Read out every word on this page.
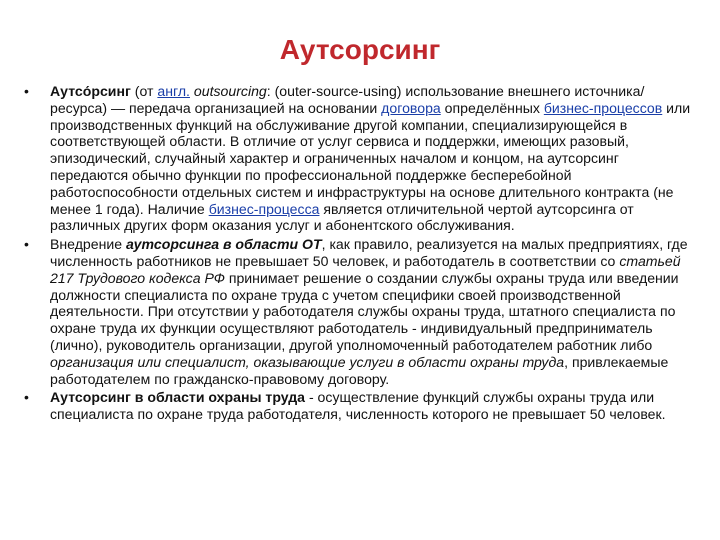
Аутсорсинг
• Аутсо́рсинг (от англ. outsourcing: (outer-source-using) использование внешнего источника/ресурса) — передача организацией на основании договора определённых бизнес-процессов или производственных функций на обслуживание другой компании, специализирующейся в соответствующей области. В отличие от услуг сервиса и поддержки, имеющих разовый, эпизодический, случайный характер и ограниченных началом и концом, на аутсорсинг передаются обычно функции по профессиональной поддержке бесперебойной работоспособности отдельных систем и инфраструктуры на основе длительного контракта (не менее 1 года). Наличие бизнес-процесса является отличительной чертой аутсорсинга от различных других форм оказания услуг и абонентского обслуживания.
• Внедрение аутсорсинга в области ОТ, как правило, реализуется на малых предприятиях, где численность работников не превышает 50 человек, и работодатель в соответствии со статьей 217 Трудового кодекса РФ принимает решение о создании службы охраны труда или введении должности специалиста по охране труда с учетом специфики своей производственной деятельности. При отсутствии у работодателя службы охраны труда, штатного специалиста по охране труда их функции осуществляют работодатель - индивидуальный предприниматель (лично), руководитель организации, другой уполномоченный работодателем работник либо организация или специалист, оказывающие услуги в области охраны труда, привлекаемые работодателем по гражданско-правовому договору.
• Аутсорсинг в области охраны труда - осуществление функций службы охраны труда или специалиста по охране труда работодателя, численность которого не превышает 50 человек.
